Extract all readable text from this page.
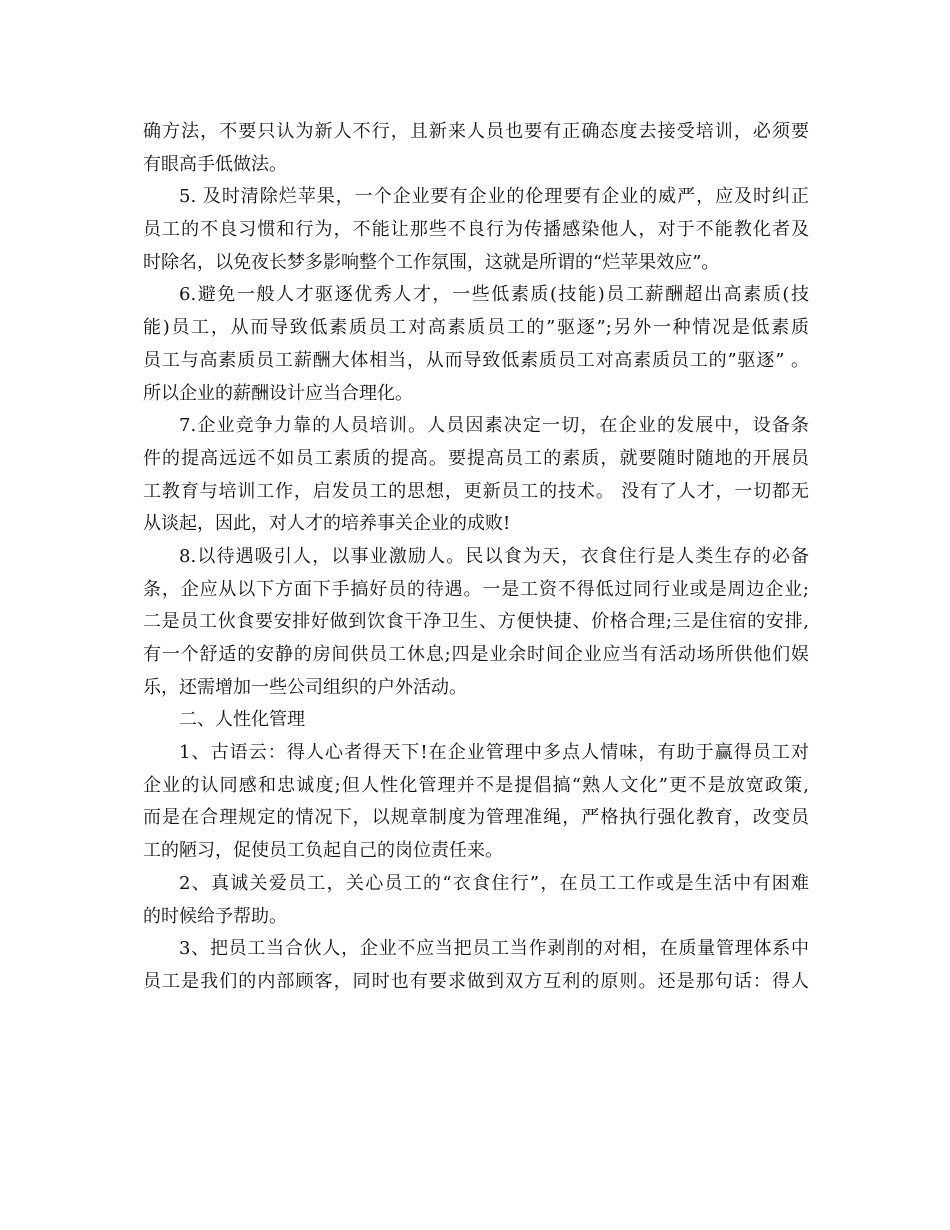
确方法，不要只认为新人不行，且新来人员也要有正确态度去接受培训，必须要
有眼高手低做法。
5. 及时清除烂苹果，一个企业要有企业的伦理要有企业的威严，应及时纠正
员工的不良习惯和行为，不能让那些不良行为传播感染他人，对于不能教化者及
时除名，以免夜长梦多影响整个工作氛围，这就是所谓的“烂苹果效应”。
6.避免一般人才驱逐优秀人才，一些低素质(技能)员工薪酬超出高素质(技
能)员工，从而导致低素质员工对高素质员工的”驱逐”;另外一种情况是低素质
员工与高素质员工薪酬大体相当，从而导致低素质员工对高素质员工的”驱逐” 。
所以企业的薪酬设计应当合理化。
7.企业竞争力靠的人员培训。人员因素决定一切，在企业的发展中，设备条
件的提高远远不如员工素质的提高。要提高员工的素质，就要随时随地的开展员
工教育与培训工作，启发员工的思想，更新员工的技术。 没有了人才，一切都无
从谈起，因此，对人才的培养事关企业的成败!
8.以待遇吸引人，以事业激励人。民以食为天，衣食住行是人类生存的必备
条，企应从以下方面下手搞好员的待遇。一是工资不得低过同行业或是周边企业;
二是员工伙食要安排好做到饮食干净卫生、方便快捷、价格合理;三是住宿的安排,
有一个舒适的安静的房间供员工休息;四是业余时间企业应当有活动场所供他们娱
乐，还需增加一些公司组织的户外活动。
二、人性化管理
1、古语云：得人心者得天下!在企业管理中多点人情味，有助于赢得员工对
企业的认同感和忠诚度;但人性化管理并不是提倡搞“熟人文化”更不是放宽政策,
而是在合理规定的情况下，以规章制度为管理准绳，严格执行强化教育，改变员
工的陋习，促使员工负起自己的岗位责任来。
2、真诚关爱员工，关心员工的“衣食住行”，在员工工作或是生活中有困难
的时候给予帮助。
3、把员工当合伙人，企业不应当把员工当作剥削的对相，在质量管理体系中
员工是我们的内部顾客，同时也有要求做到双方互利的原则。还是那句话：得人
